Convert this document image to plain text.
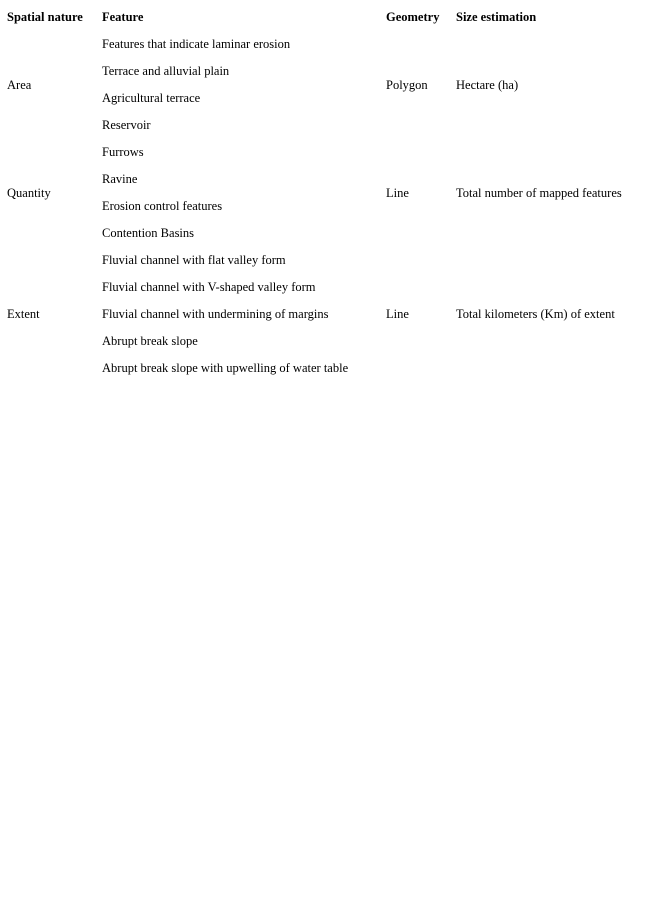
Spatial nature	Feature	Geometry	Size estimation
Area	Features that indicate laminar erosion	Polygon	Hectare (ha)
	Terrace and alluvial plain		
	Agricultural terrace		
	Reservoir		
Quantity	Furrows	Line	Total number of mapped features
	Ravine		
	Erosion control features		
	Contention Basins		
Extent	Fluvial channel with flat valley form	Line	Total kilometers (Km) of extent
	Fluvial channel with V-shaped valley form		
	Fluvial channel with undermining of margins		
	Abrupt break slope		
	Abrupt break slope with upwelling of water table		
